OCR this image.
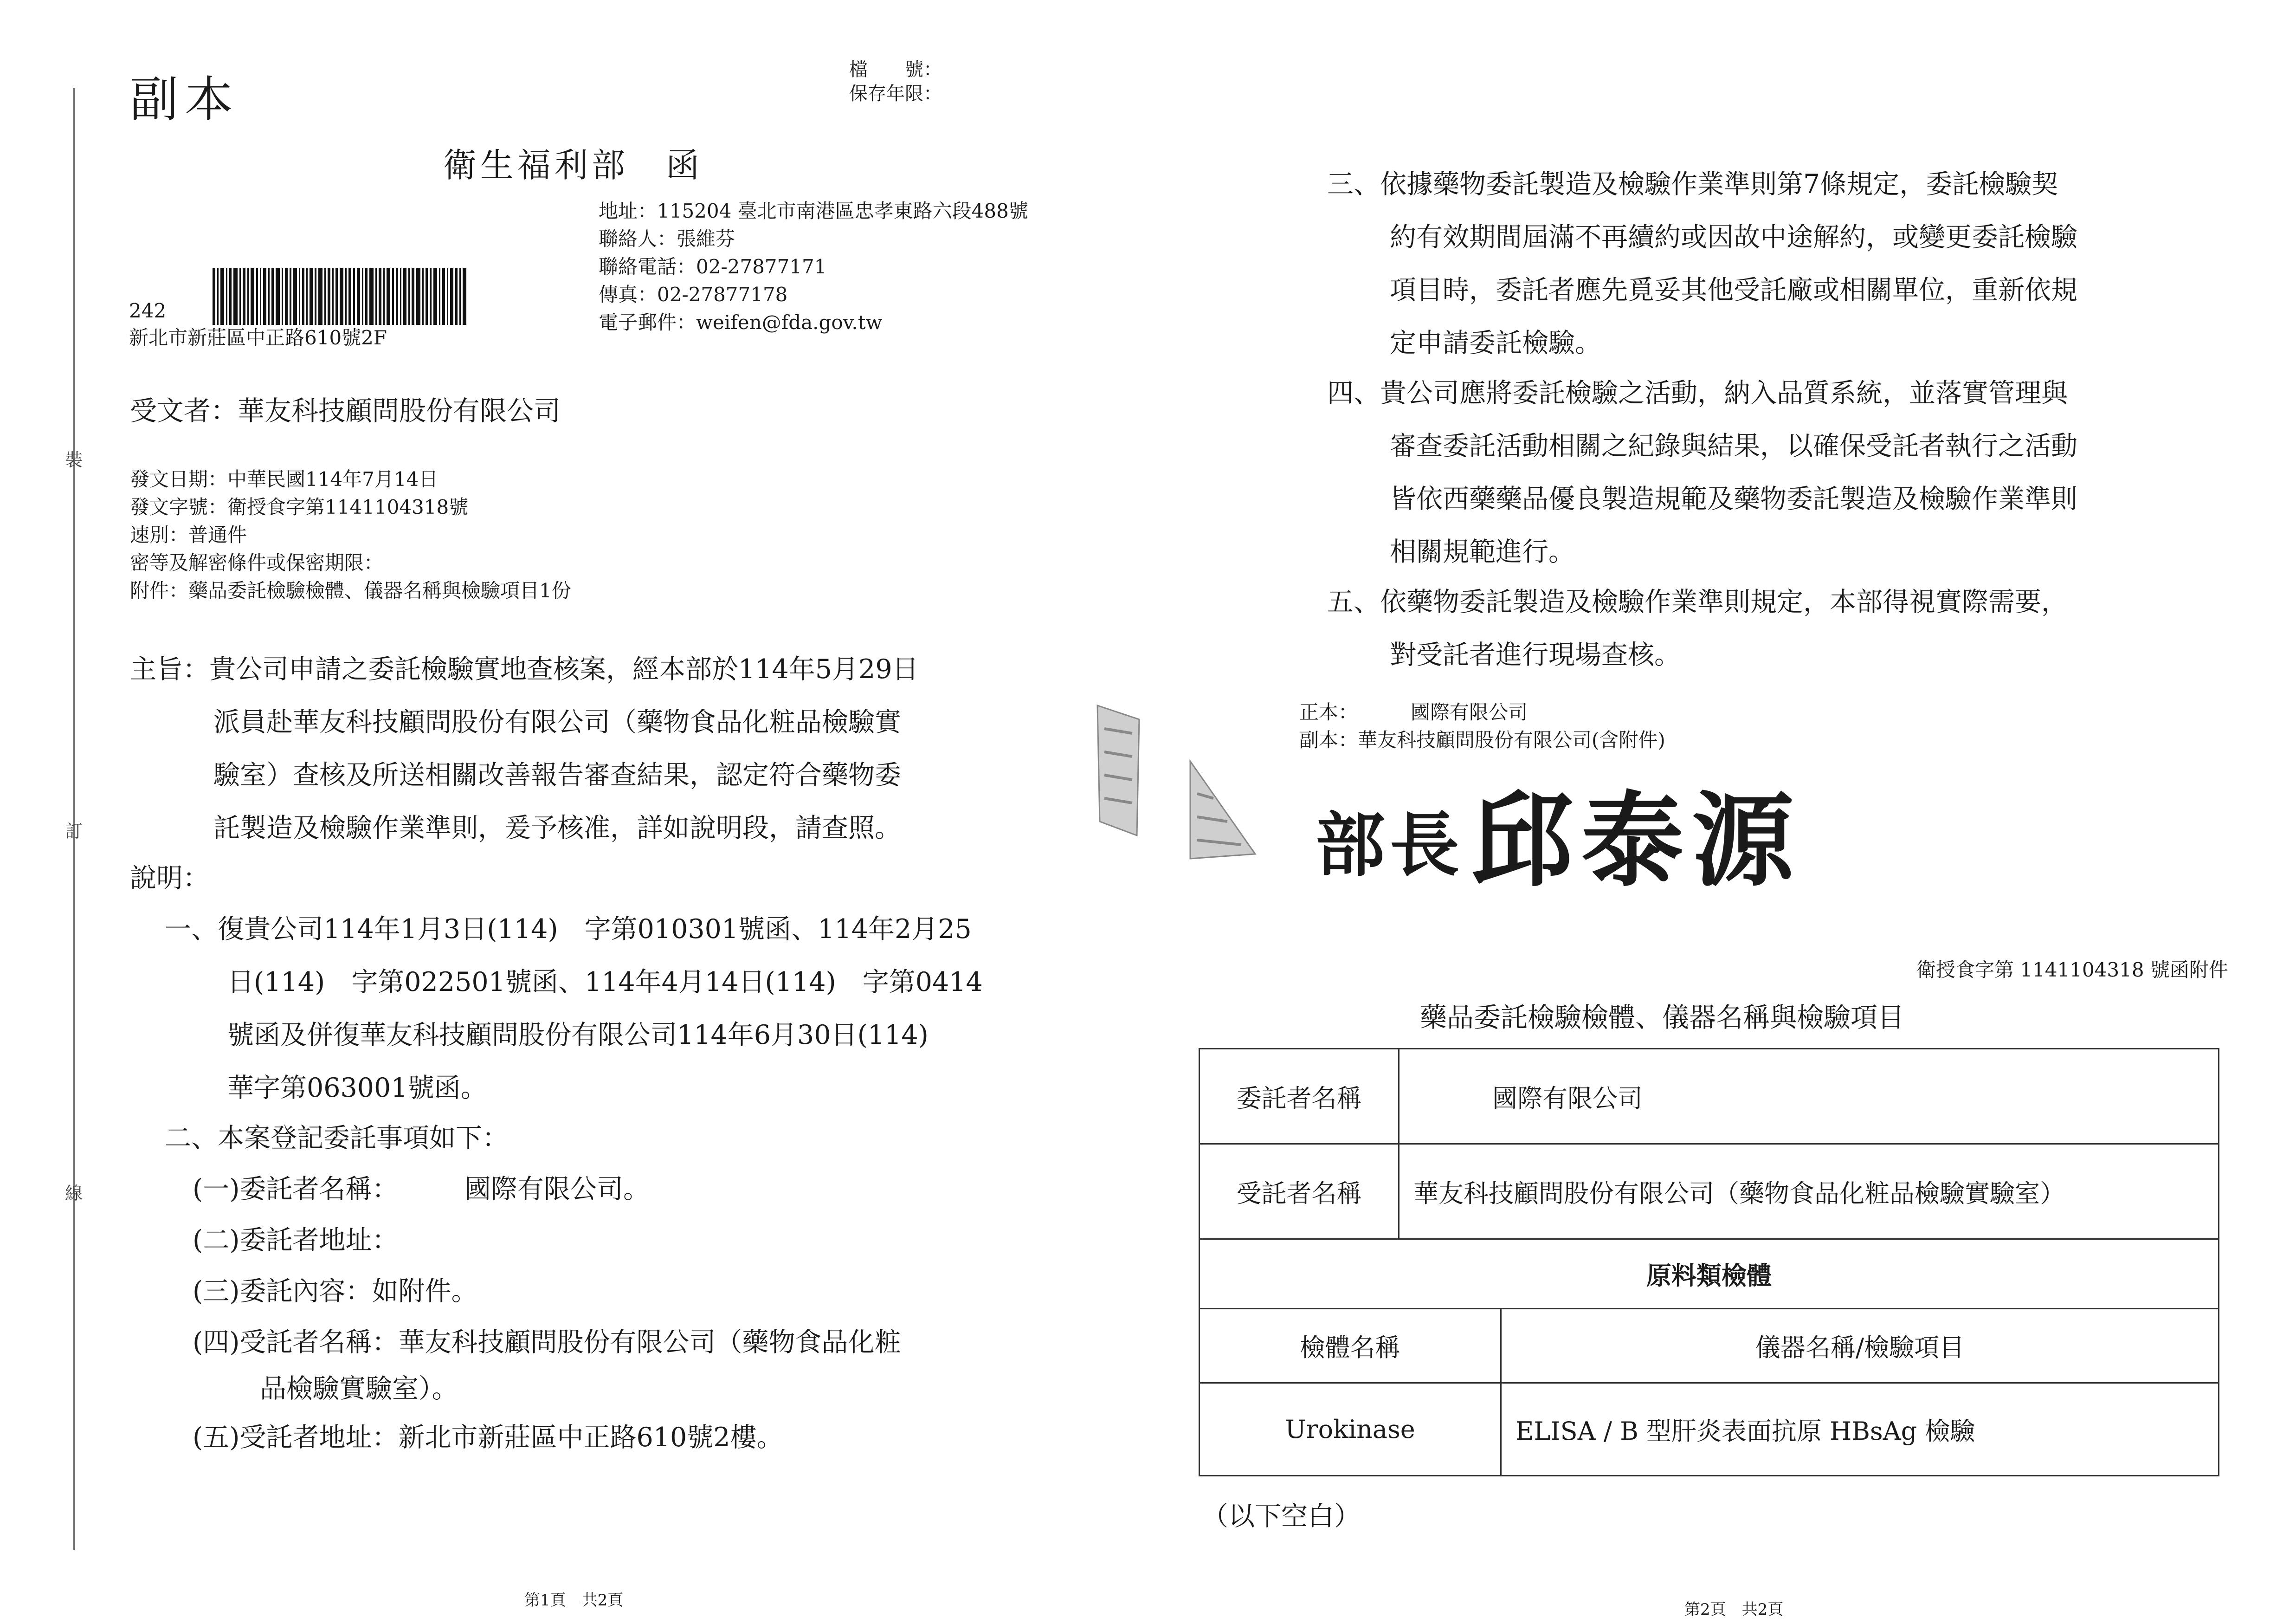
裝
訂
線
副本
檔　　號：
保存年限：
衛生福利部　函
地址：115204 臺北市南港區忠孝東路六段488號
聯絡人：張維芬
聯絡電話：02-27877171
傳真：02-27877178
電子郵件：weifen@fda.gov.tw
242
新北市新莊區中正路610號2F
受文者：華友科技顧問股份有限公司
發文日期：中華民國114年7月14日
發文字號：衛授食字第1141104318號
速別：普通件
密等及解密條件或保密期限：
附件：藥品委託檢驗檢體、儀器名稱與檢驗項目1份
主旨：貴公司申請之委託檢驗實地查核案，經本部於114年5月29日
派員赴華友科技顧問股份有限公司（藥物食品化粧品檢驗實
驗室）查核及所送相關改善報告審查結果，認定符合藥物委
託製造及檢驗作業準則，爰予核准，詳如說明段，請查照。
說明：
一、復貴公司114年1月3日(114)　字第010301號函、114年2月25
日(114)　字第022501號函、114年4月14日(114)　字第0414
號函及併復華友科技顧問股份有限公司114年6月30日(114)
華字第063001號函。
二、本案登記委託事項如下：
(一)委託者名稱：　　　國際有限公司。
(二)委託者地址：
(三)委託內容：如附件。
(四)受託者名稱：華友科技顧問股份有限公司（藥物食品化粧
品檢驗實驗室）。
(五)受託者地址：新北市新莊區中正路610號2樓。
第1頁　共2頁
三、依據藥物委託製造及檢驗作業準則第7條規定，委託檢驗契
約有效期間屆滿不再續約或因故中途解約，或變更委託檢驗
項目時，委託者應先覓妥其他受託廠或相關單位，重新依規
定申請委託檢驗。
四、貴公司應將委託檢驗之活動，納入品質系統，並落實管理與
審查委託活動相關之紀錄與結果，以確保受託者執行之活動
皆依西藥藥品優良製造規範及藥物委託製造及檢驗作業準則
相關規範進行。
五、依藥物委託製造及檢驗作業準則規定，本部得視實際需要，
對受託者進行現場查核。
正本：	國際有限公司
副本：華友科技顧問股份有限公司(含附件)
部長 邱泰源
衛授食字第 1141104318 號函附件
藥品委託檢驗檢體、儀器名稱與檢驗項目
委託者名稱	國際有限公司	
受託者名稱	華友科技顧問股份有限公司（藥物食品化粧品檢驗實驗室）	
原料類檢體		
檢體名稱		儀器名稱/檢驗項目
Urokinase		ELISA / B 型肝炎表面抗原 HBsAg 檢驗
（以下空白）
第2頁　共2頁
